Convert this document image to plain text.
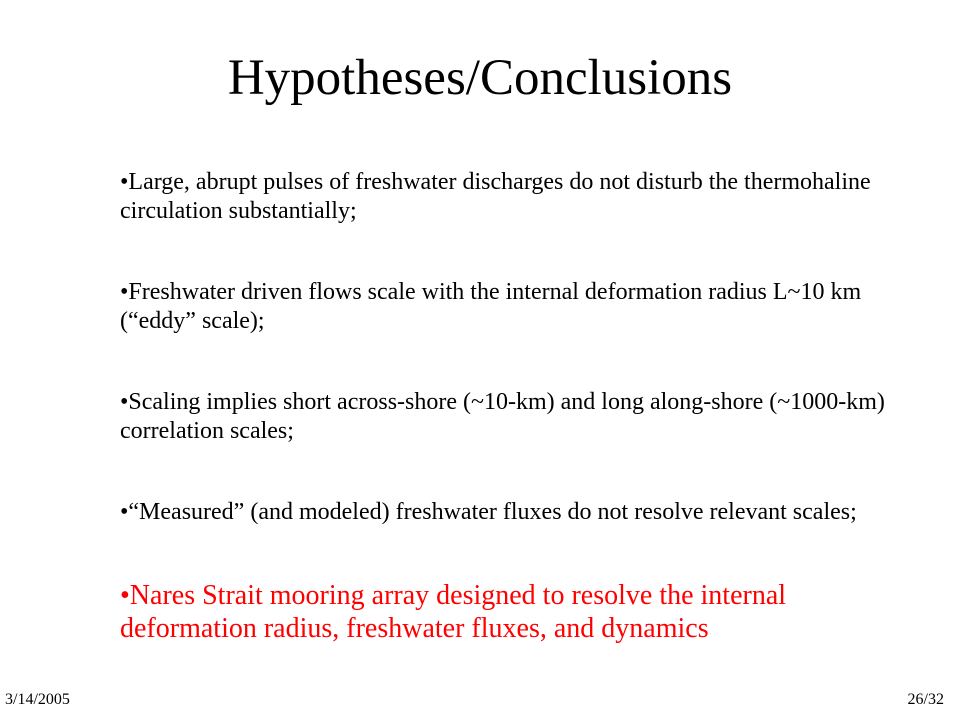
Hypotheses/Conclusions
•Large, abrupt pulses of freshwater discharges do not disturb the thermohaline circulation substantially;
•Freshwater driven flows scale with the internal deformation radius L~10 km (“eddy” scale);
•Scaling implies short across-shore (~10-km) and long along-shore (~1000-km) correlation scales;
•“Measured” (and modeled) freshwater fluxes do not resolve relevant scales;
•Nares Strait mooring array designed to resolve the internal deformation radius, freshwater fluxes, and dynamics
3/14/2005	26/32
